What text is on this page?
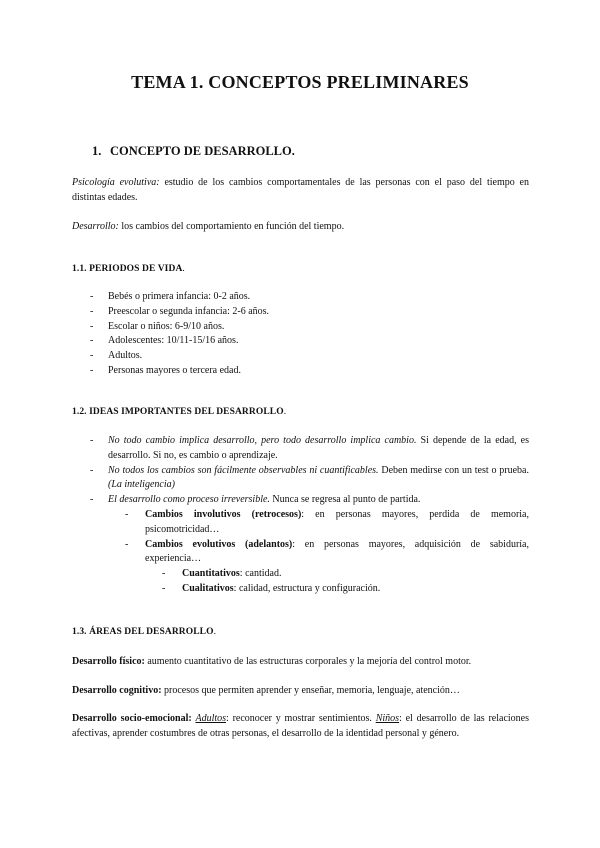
TEMA 1. CONCEPTOS PRELIMINARES
1. CONCEPTO DE DESARROLLO.
Psicología evolutiva: estudio de los cambios comportamentales de las personas con el paso del tiempo en distintas edades.
Desarrollo: los cambios del comportamiento en función del tiempo.
1.1. PERIODOS DE VIDA.
- Bebés o primera infancia: 0-2 años.
- Preescolar o segunda infancia: 2-6 años.
- Escolar o niños: 6-9/10 años.
- Adolescentes: 10/11-15/16 años.
- Adultos.
- Personas mayores o tercera edad.
1.2. IDEAS IMPORTANTES DEL DESARROLLO.
- No todo cambio implica desarrollo, pero todo desarrollo implica cambio. Si depende de la edad, es desarrollo. Si no, es cambio o aprendizaje.
- No todos los cambios son fácilmente observables ni cuantificables. Deben medirse con un test o prueba. (La inteligencia)
- El desarrollo como proceso irreversible. Nunca se regresa al punto de partida.
- Cambios involutivos (retrocesos): en personas mayores, perdida de memoria, psicomotricidad…
- Cambios evolutivos (adelantos): en personas mayores, adquisición de sabiduría, experiencia…
- Cuantitativos: cantidad.
- Cualitativos: calidad, estructura y configuración.
1.3. ÁREAS DEL DESARROLLO.
Desarrollo físico: aumento cuantitativo de las estructuras corporales y la mejoría del control motor.
Desarrollo cognitivo: procesos que permiten aprender y enseñar, memoria, lenguaje, atención…
Desarrollo socio-emocional: Adultos: reconocer y mostrar sentimientos. Niños: el desarrollo de las relaciones afectivas, aprender costumbres de otras personas, el desarrollo de la identidad personal y género.
